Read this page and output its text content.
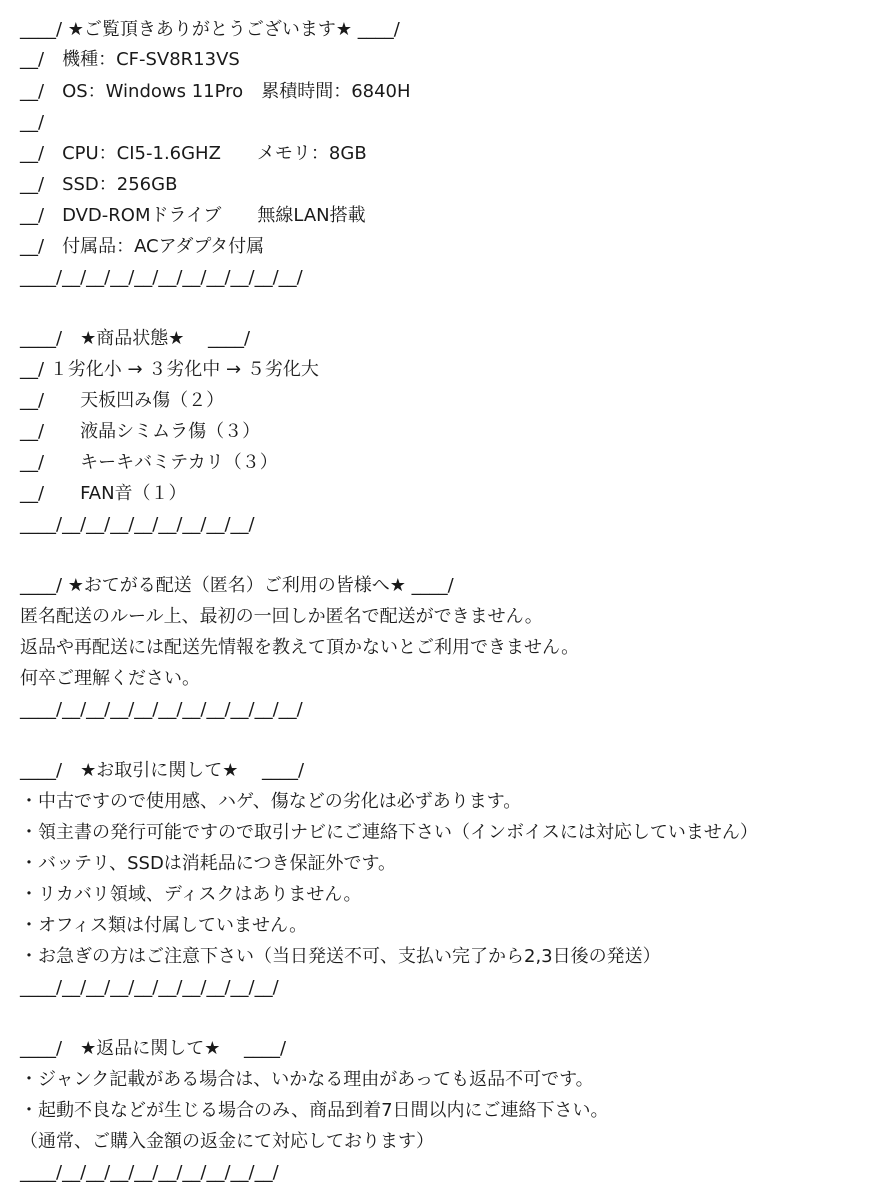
____/ ★ご覧頂きありがとうございます★ ____/
__/　機種：CF-SV8R13VS
__/　OS：Windows 11Pro　累積時間：6840H
__/
__/　CPU：CI5-1.6GHZ　　メモリ：8GB
__/　SSD：256GB
__/　DVD-ROMドライブ　　無線LAN搭載
__/　付属品：ACアダプタ付属
____/__/__/__/__/__/__/__/__/__/__/
____/　★商品状態★　 ____/
__/ １劣化小 → ３劣化中 → ５劣化大
__/　　天板凹み傷（２）
__/　　液晶シミムラ傷（３）
__/　　キーキバミテカリ（３）
__/　　FAN音（１）
____/__/__/__/__/__/__/__/__/
____/ ★おてがる配送（匿名）ご利用の皆様へ★ ____/
匿名配送のルール上、最初の一回しか匿名で配送ができません。
返品や再配送には配送先情報を教えて頂かないとご利用できません。
何卒ご理解ください。
____/__/__/__/__/__/__/__/__/__/__/
____/　★お取引に関して★　 ____/
・中古ですので使用感、ハゲ、傷などの劣化は必ずあります。
・領主書の発行可能ですので取引ナビにご連絡下さい（インボイスには対応していません）
・バッテリ、SSDは消耗品につき保証外です。
・リカバリ領域、ディスクはありません。
・オフィス類は付属していません。
・お急ぎの方はご注意下さい（当日発送不可、支払い完了から2,3日後の発送）
____/__/__/__/__/__/__/__/__/__/
____/　★返品に関して★　 ____/
・ジャンク記載がある場合は、いかなる理由があっても返品不可です。
・起動不良などが生じる場合のみ、商品到着7日間以内にご連絡下さい。
（通常、ご購入金額の返金にて対応しております）
____/__/__/__/__/__/__/__/__/__/
